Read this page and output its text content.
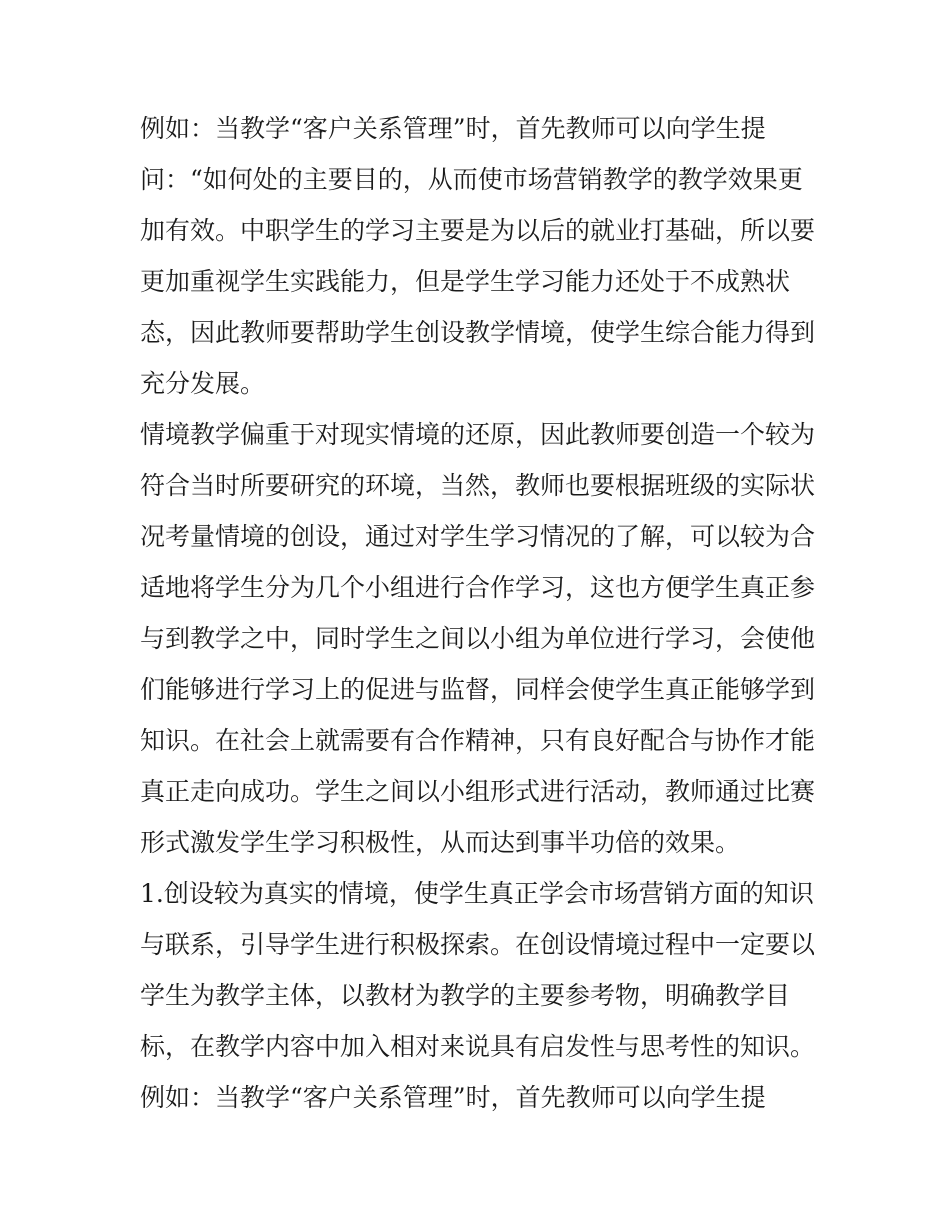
例如：当教学“客户关系管理”时，首先教师可以向学生提
问：“如何处的主要目的，从而使市场营销教学的教学效果更
加有效。中职学生的学习主要是为以后的就业打基础，所以要
更加重视学生实践能力，但是学生学习能力还处于不成熟状
态，因此教师要帮助学生创设教学情境，使学生综合能力得到
充分发展。
情境教学偏重于对现实情境的还原，因此教师要创造一个较为
符合当时所要研究的环境，当然，教师也要根据班级的实际状
况考量情境的创设，通过对学生学习情况的了解，可以较为合
适地将学生分为几个小组进行合作学习，这也方便学生真正参
与到教学之中，同时学生之间以小组为单位进行学习，会使他
们能够进行学习上的促进与监督，同样会使学生真正能够学到
知识。在社会上就需要有合作精神，只有良好配合与协作才能
真正走向成功。学生之间以小组形式进行活动，教师通过比赛
形式激发学生学习积极性，从而达到事半功倍的效果。
1.创设较为真实的情境，使学生真正学会市场营销方面的知识
与联系，引导学生进行积极探索。在创设情境过程中一定要以
学生为教学主体，以教材为教学的主要参考物，明确教学目
标，在教学内容中加入相对来说具有启发性与思考性的知识。
例如：当教学“客户关系管理”时，首先教师可以向学生提
